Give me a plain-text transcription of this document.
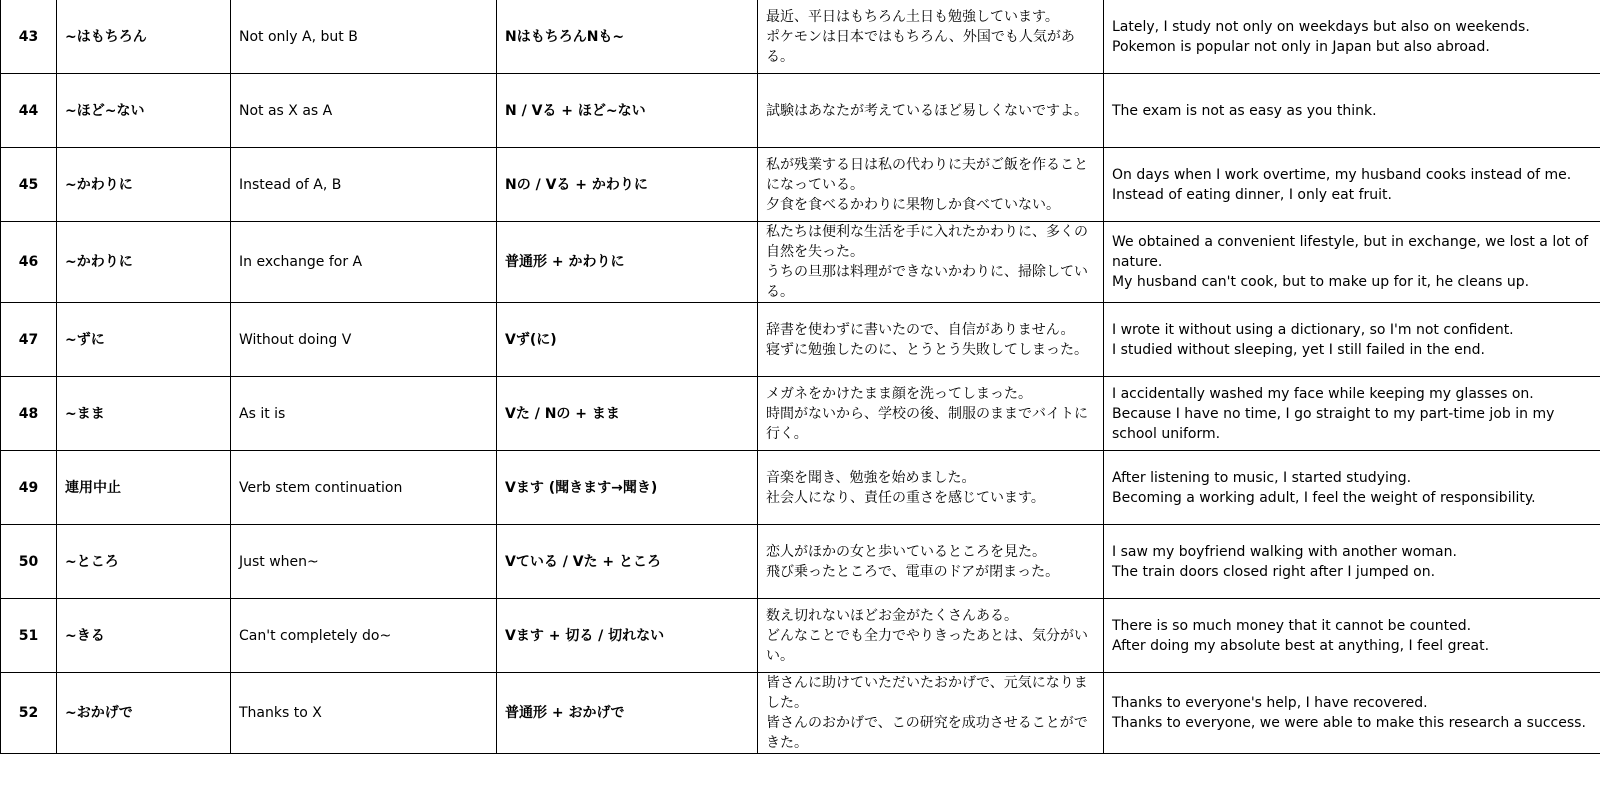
43	~はもちろん	Not only A, but B	NはもちろんNも~	最近、平日はもちろん土日も勉強しています。
ポケモンは日本ではもちろん、外国でも人気がある。	Lately, I study not only on weekdays but also on weekends.
Pokemon is popular not only in Japan but also abroad.

44	~ほど~ない	Not as X as A	N / Vる + ほど~ない	試験はあなたが考えているほど易しくないですよ。	The exam is not as easy as you think.

45	~かわりに	Instead of A, B	Nの / Vる + かわりに	私が残業する日は私の代わりに夫がご飯を作ることになっている。
夕食を食べるかわりに果物しか食べていない。	On days when I work overtime, my husband cooks instead of me.
Instead of eating dinner, I only eat fruit.

46	~かわりに	In exchange for A	普通形 + かわりに	私たちは便利な生活を手に入れたかわりに、多くの自然を失った。
うちの旦那は料理ができないかわりに、掃除している。	We obtained a convenient lifestyle, but in exchange, we lost a lot of nature.
My husband can't cook, but to make up for it, he cleans up.

47	~ずに	Without doing V	Vず(に)	辞書を使わずに書いたので、自信がありません。
寝ずに勉強したのに、とうとう失敗してしまった。	I wrote it without using a dictionary, so I'm not confident.
I studied without sleeping, yet I still failed in the end.

48	~まま	As it is	Vた / Nの + まま	メガネをかけたまま顔を洗ってしまった。
時間がないから、学校の後、制服のままでバイトに行く。	I accidentally washed my face while keeping my glasses on.
Because I have no time, I go straight to my part-time job in my school uniform.

49	連用中止	Verb stem continuation	Vます (聞きます→聞き)	音楽を聞き、勉強を始めました。
社会人になり、責任の重さを感じています。	After listening to music, I started studying.
Becoming a working adult, I feel the weight of responsibility.

50	~ところ	Just when~	Vている / Vた + ところ	恋人がほかの女と歩いているところを見た。
飛び乗ったところで、電車のドアが閉まった。	I saw my boyfriend walking with another woman.
The train doors closed right after I jumped on.

51	~きる	Can't completely do~	Vます + 切る / 切れない	数え切れないほどお金がたくさんある。
どんなことでも全力でやりきったあとは、気分がいい。	There is so much money that it cannot be counted.
After doing my absolute best at anything, I feel great.

52	~おかげで	Thanks to X	普通形 + おかげで	皆さんに助けていただいたおかげで、元気になりました。
皆さんのおかげで、この研究を成功させることができた。	Thanks to everyone's help, I have recovered.
Thanks to everyone, we were able to make this research a success.
